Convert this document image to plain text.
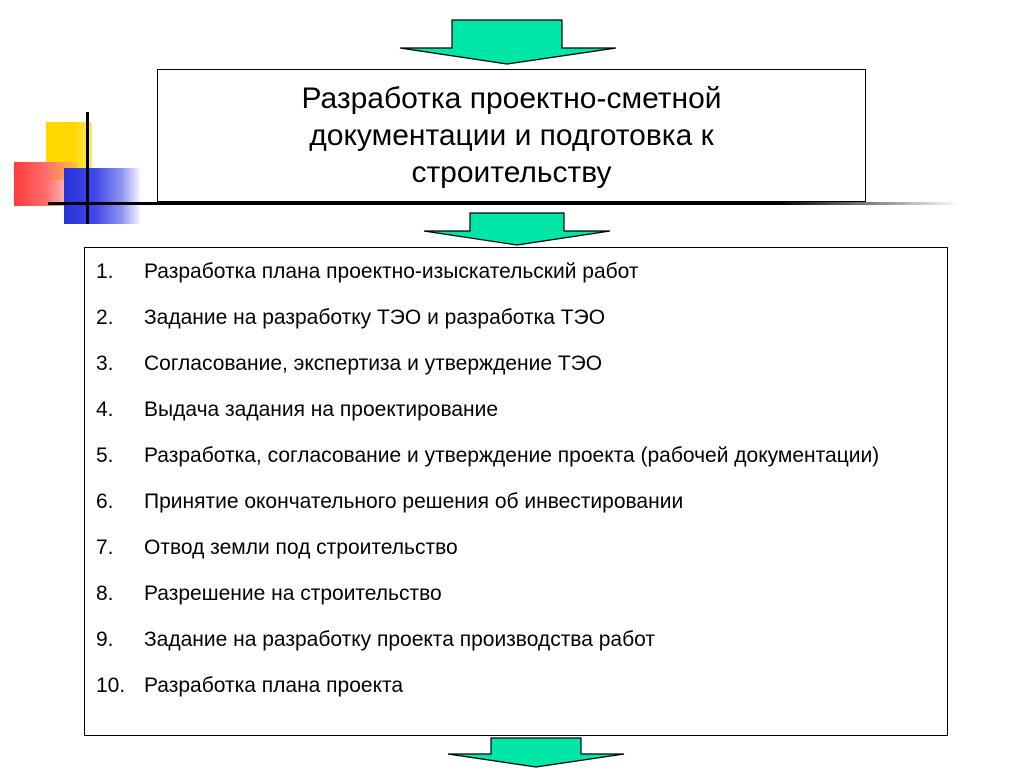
Разработка проектно-сметной документации и подготовка к строительству
1.	Разработка плана проектно-изыскательский работ
2.	Задание на разработку ТЭО и разработка ТЭО
3.	Согласование, экспертиза и утверждение ТЭО
4.	Выдача задания на проектирование
5.	Разработка, согласование и утверждение проекта (рабочей документации)
6.	Принятие окончательного решения об инвестировании
7.	Отвод земли под строительство
8.	Разрешение на строительство
9.	Задание на разработку проекта производства работ
10. Разработка плана проекта
